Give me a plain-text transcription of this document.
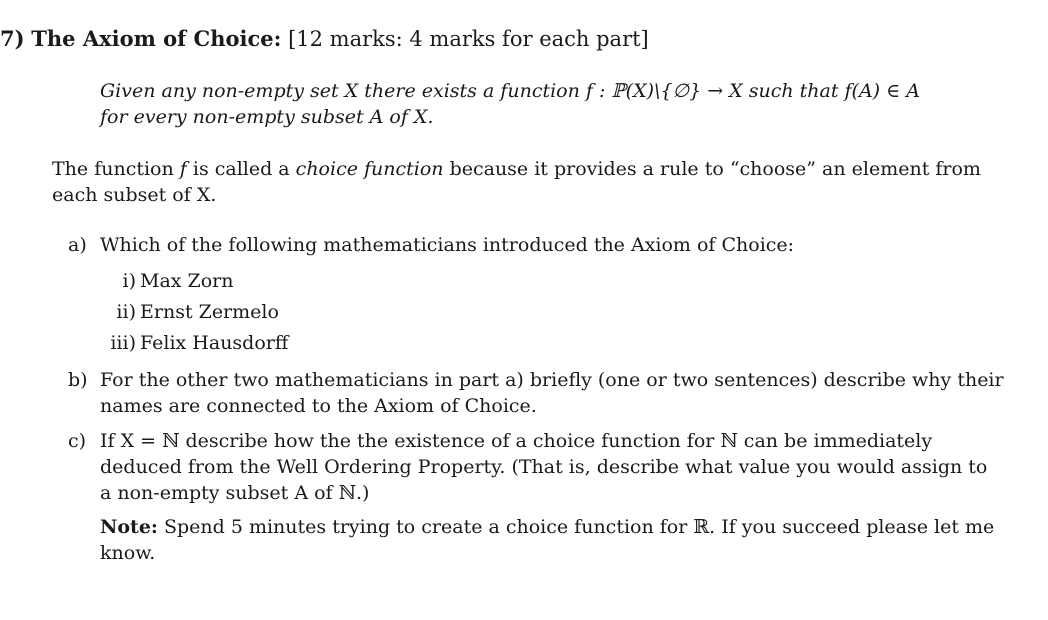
7) The Axiom of Choice: [12 marks: 4 marks for each part]
Given any non-empty set X there exists a function f : ℙ(X)\{∅} → X such that f(A) ∈ A
for every non-empty subset A of X.
The function f is called a choice function because it provides a rule to “choose” an element from
each subset of X.
a) Which of the following mathematicians introduced the Axiom of Choice:
i) Max Zorn
ii) Ernst Zermelo
iii) Felix Hausdorff
b) For the other two mathematicians in part a) briefly (one or two sentences) describe why their
names are connected to the Axiom of Choice.
c) If X = ℕ describe how the the existence of a choice function for ℕ can be immediately
deduced from the Well Ordering Property. (That is, describe what value you would assign to
a non-empty subset A of ℕ.)
Note: Spend 5 minutes trying to create a choice function for ℝ. If you succeed please let me
know.
